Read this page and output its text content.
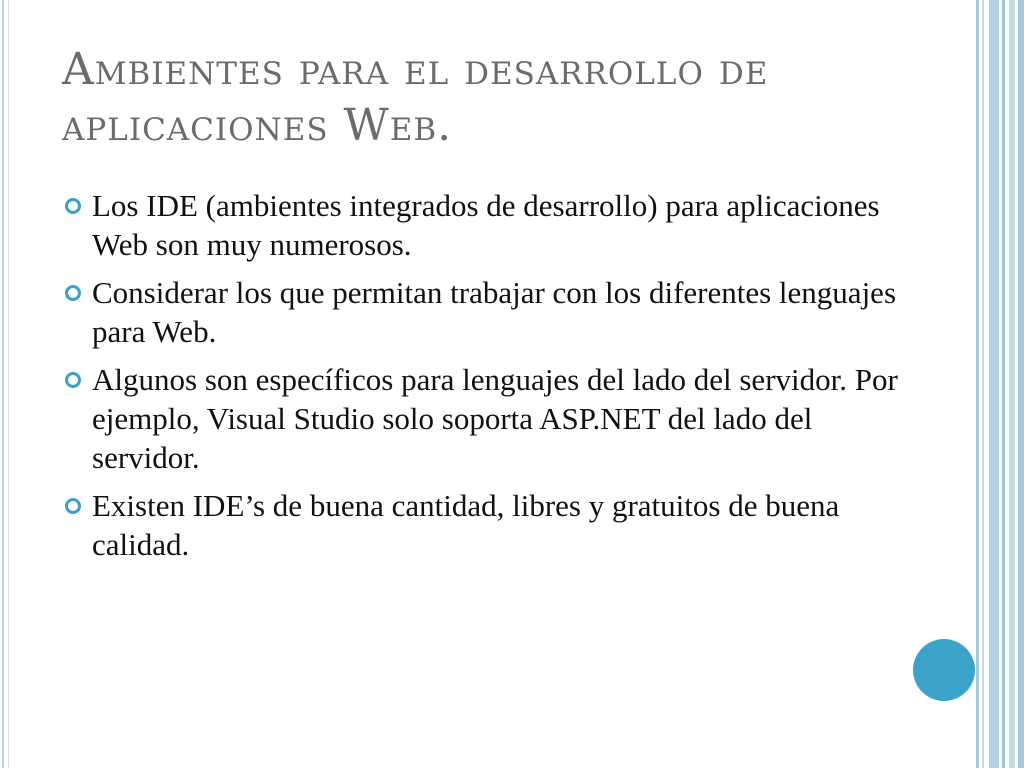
Ambientes para el desarrollo de aplicaciones Web.
Los IDE (ambientes integrados de desarrollo) para aplicaciones Web son muy numerosos.
Considerar los que permitan trabajar con los diferentes lenguajes para Web.
Algunos son específicos para lenguajes del lado del servidor. Por ejemplo, Visual Studio solo soporta ASP.NET del lado del servidor.
Existen IDE’s de buena cantidad, libres y gratuitos de buena calidad.
